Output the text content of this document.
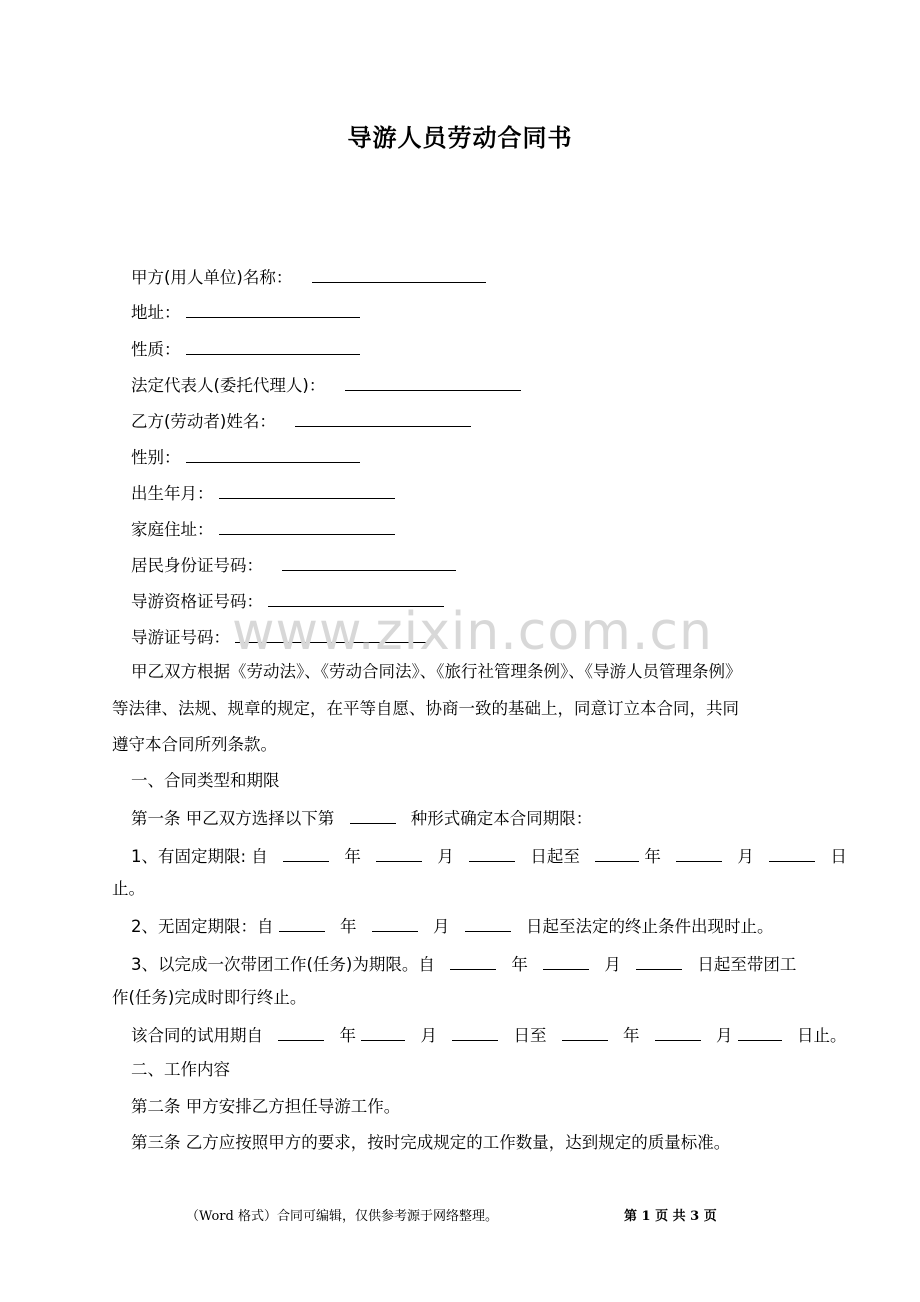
导游人员劳动合同书
甲方(用人单位)名称：
地址：
性质：
法定代表人(委托代理人)：
乙方(劳动者)姓名：
性别：
出生年月：
家庭住址：
居民身份证号码：
导游资格证号码：
导游证号码： www.zixin.com.cn
甲乙双方根据《劳动法》、《劳动合同法》、《旅行社管理条例》、《导游人员管理条例》
等法律、法规、规章的规定，在平等自愿、协商一致的基础上，同意订立本合同，共同
遵守本合同所列条款。
一、合同类型和期限
第一条 甲乙双方选择以下第	种形式确定本合同期限：
1、有固定期限: 自	年	月	日起至	年	月	日
止。
2、无固定期限：自	年	月	日起至法定的终止条件出现时止。
3、以完成一次带团工作(任务)为期限。自	年	月	日起至带团工
作(任务)完成时即行终止。
该合同的试用期自	年	月	日至	年	月	日止。
二、工作内容
第二条 甲方安排乙方担任导游工作。
第三条 乙方应按照甲方的要求，按时完成规定的工作数量，达到规定的质量标准。
（Word 格式）合同可编辑，仅供参考源于网络整理。	第 1 页 共 3 页
